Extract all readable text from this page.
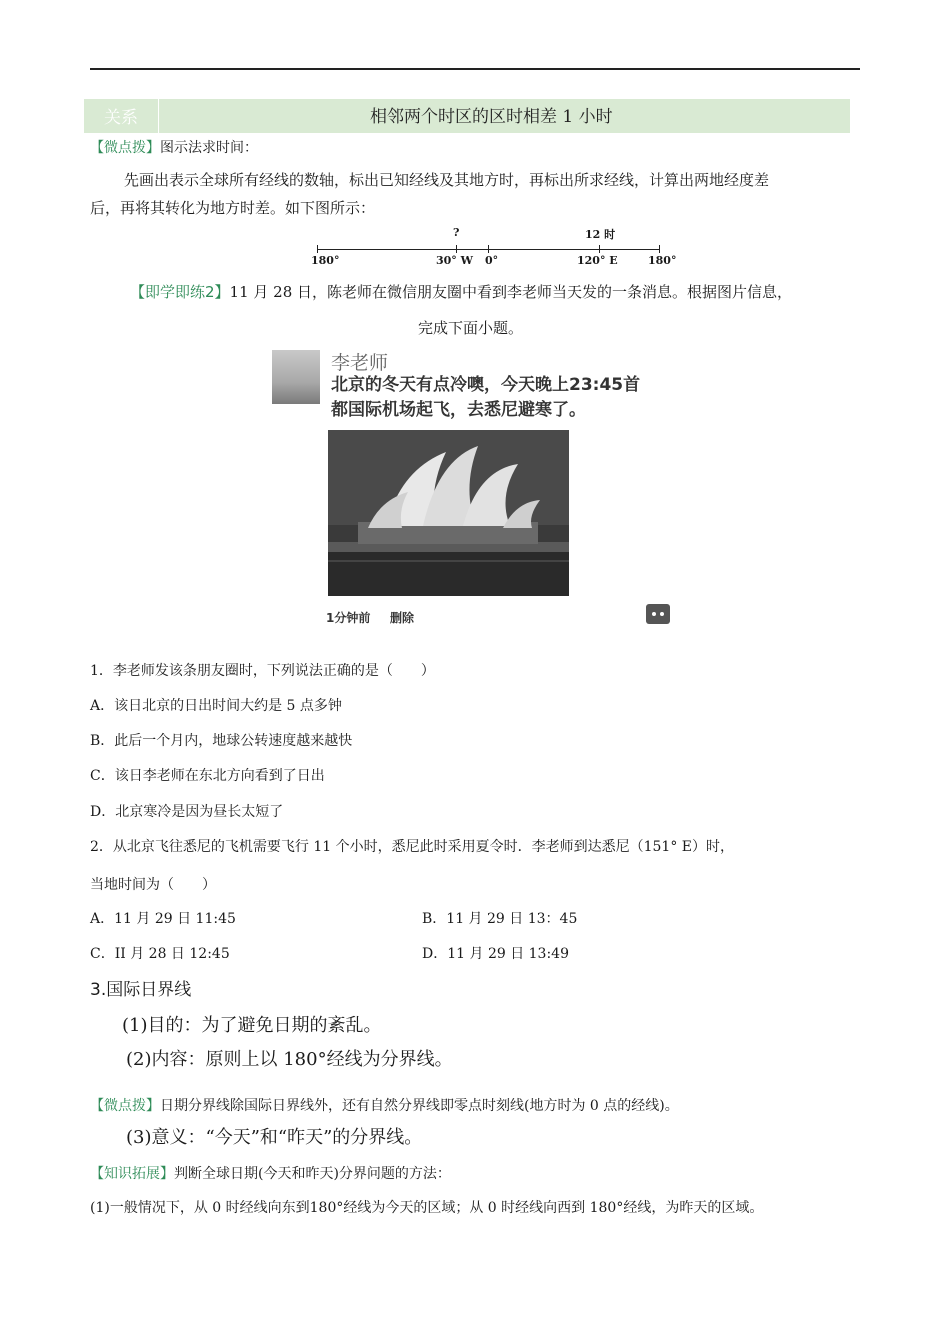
关系	相邻两个时区的区时相差 1 小时
【微点拨】图示法求时间：
先画出表示全球所有经线的数轴，标出已知经线及其地方时，再标出所求经线，计算出两地经度差
后，再将其转化为地方时差。如下图所示：
?	12 时
180°	30° W 0°	120° E	180°
【即学即练2】11 月 28 日，陈老师在微信朋友圈中看到李老师当天发的一条消息。根据图片信息，
完成下面小题。
李老师
北京的冬天有点冷噢，今天晚上23:45首
都国际机场起飞，去悉尼避寒了。
1分钟前 删除
1．李老师发该条朋友圈时，下列说法正确的是（　　）
A．该日北京的日出时间大约是 5 点多钟
B．此后一个月内，地球公转速度越来越快
C．该日李老师在东北方向看到了日出
D．北京寒冷是因为昼长太短了
2．从北京飞往悉尼的飞机需要飞行 11 个小时，悉尼此时采用夏令时．李老师到达悉尼（151° E）时，
当地时间为（　　）
A．11 月 29 日 11:45	B．11 月 29 日 13：45
C．II 月 28 日 12:45	D．11 月 29 日 13:49
3.国际日界线
(1)目的：为了避免日期的紊乱。
(2)内容：原则上以 180°经线为分界线。
【微点拨】日期分界线除国际日界线外，还有自然分界线即零点时刻线(地方时为 0 点的经线)。
(3)意义：“今天”和“昨天”的分界线。
【知识拓展】判断全球日期(今天和昨天)分界问题的方法：
(1)一般情况下，从 0 时经线向东到180°经线为今天的区域；从 0 时经线向西到 180°经线，为昨天的区域。
